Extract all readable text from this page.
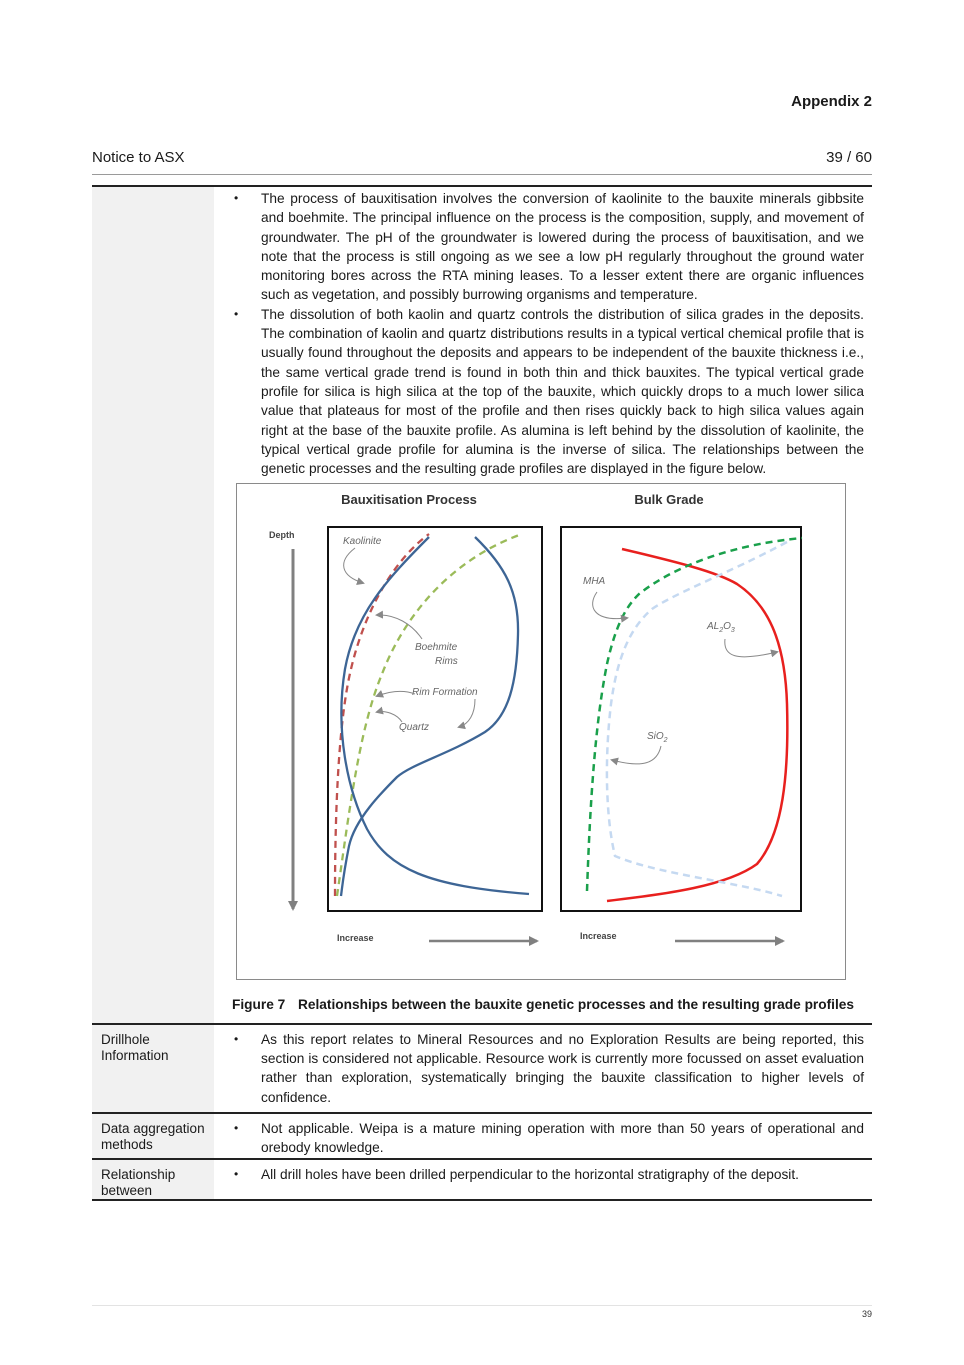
Appendix 2
Notice to ASX	39 / 60
• The process of bauxitisation involves the conversion of kaolinite to the bauxite minerals gibbsite and boehmite. The principal influence on the process is the composition, supply, and movement of groundwater. The pH of the groundwater is lowered during the process of bauxitisation, and we note that the process is still ongoing as we see a low pH regularly throughout the ground water monitoring bores across the RTA mining leases. To a lesser extent there are organic influences such as vegetation, and possibly burrowing organisms and temperature.
• The dissolution of both kaolin and quartz controls the distribution of silica grades in the deposits. The combination of kaolin and quartz distributions results in a typical vertical chemical profile that is usually found throughout the deposits and appears to be independent of the bauxite thickness i.e., the same vertical grade trend is found in both thin and thick bauxites. The typical vertical grade profile for silica is high silica at the top of the bauxite, which quickly drops to a much lower silica value that plateaus for most of the profile and then rises quickly back to high silica values again right at the base of the bauxite profile. As alumina is left behind by the dissolution of kaolinite, the typical vertical grade profile for alumina is the inverse of silica. The relationships between the genetic processes and the resulting grade profiles are displayed in the figure below.
Bauxitisation Process	Bulk Grade
Depth
Kaolinite
Boehmite
Rims
Rim Formation
Quartz
MHA
$AL_2O_3$
SiO$_2$
Increase	Increase
Figure 7 Relationships between the bauxite genetic processes and the resulting grade profiles
Drillhole Information
• As this report relates to Mineral Resources and no Exploration Results are being reported, this section is considered not applicable. Resource work is currently more focussed on asset evaluation rather than exploration, systematically bringing the bauxite classification to higher levels of confidence.
Data aggregation methods
• Not applicable. Weipa is a mature mining operation with more than 50 years of operational and orebody knowledge.
Relationship between
• All drill holes have been drilled perpendicular to the horizontal stratigraphy of the deposit.
39
